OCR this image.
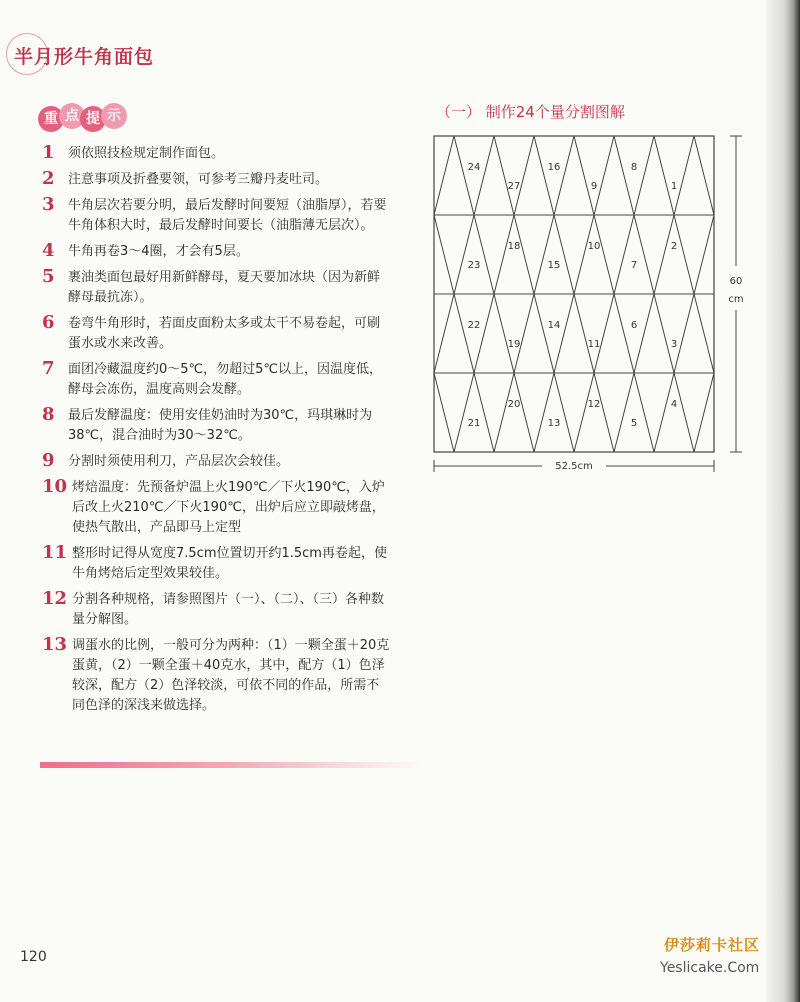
半月形牛角面包
重 点 提 示
1 须依照技检规定制作面包。
2 注意事项及折叠要领，可参考三瓣丹麦吐司。
3 牛角层次若要分明，最后发酵时间要短（油脂厚），若要牛角体积大时，最后发酵时间要长（油脂薄无层次）。
4 牛角再卷3～4圈，才会有5层。
5 裹油类面包最好用新鲜酵母，夏天要加冰块（因为新鲜酵母最抗冻）。
6 卷弯牛角形时，若面皮面粉太多或太干不易卷起，可刷蛋水或水来改善。
7 面团冷藏温度约0～5℃，勿超过5℃以上，因温度低，酵母会冻伤，温度高则会发酵。
8 最后发酵温度：使用安佳奶油时为30℃，玛琪琳时为38℃，混合油时为30～32℃。
9 分割时须使用利刀，产品层次会较佳。
10 烤焙温度：先预备炉温上火190℃／下火190℃，入炉后改上火210℃／下火190℃，出炉后应立即敲烤盘，使热气散出，产品即马上定型
11 整形时记得从宽度7.5cm位置切开约1.5cm再卷起，使牛角烤焙后定型效果较佳。
12 分割各种规格，请参照图片（一）、（二）、（三）各种数量分解图。
13 调蛋水的比例，一般可分为两种：（1）一颗全蛋＋20克蛋黄，（2）一颗全蛋＋40克水，其中，配方（1）色泽较深，配方（2）色泽较淡，可依不同的作品，所需不同色泽的深浅来做选择。
（一） 制作24个量分割图解
24
27
16
9
8
1
23
18
15
10
7
2
22
19
14
11
6
3
21
20
13
12
5
4
60
cm
52.5cm
120
伊莎莉卡社区
Yeslicake.Com
